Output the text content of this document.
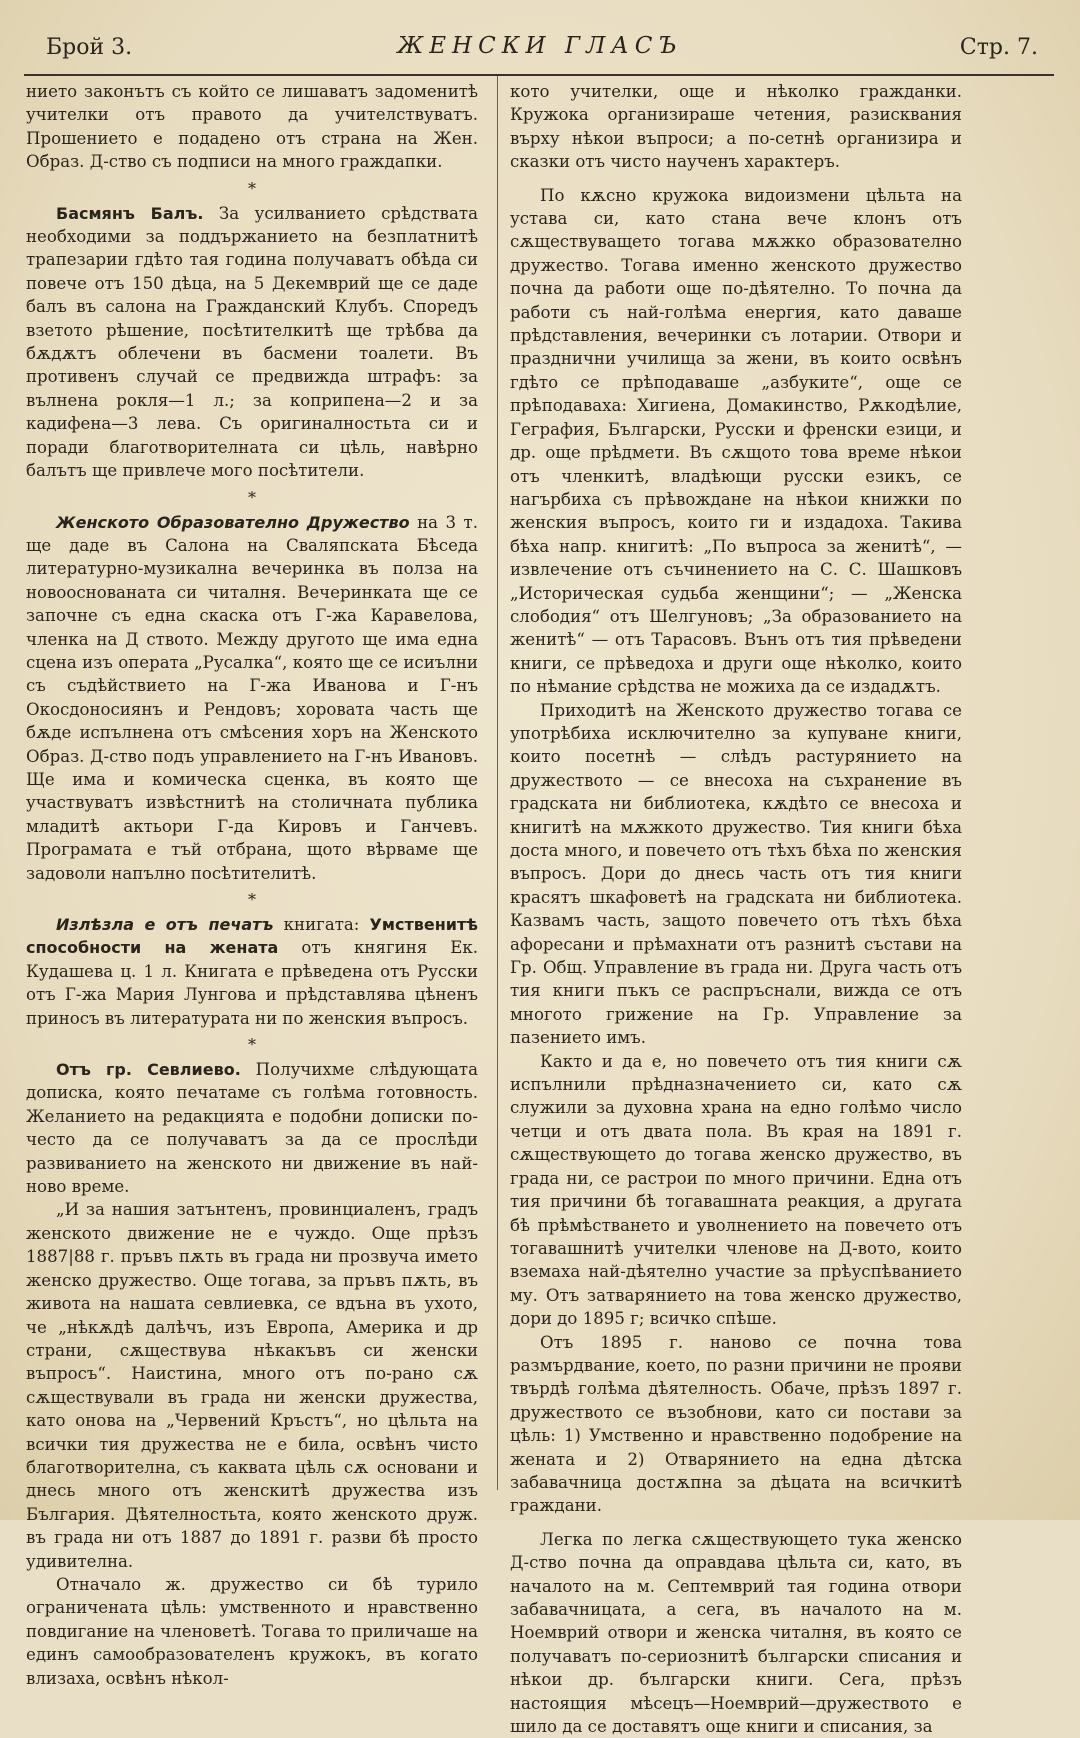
Брой 3.	ЖЕНСКИ ГЛАСЪ	Стр. 7.

нието законътъ съ който се лишаватъ задоменитѣ учителки отъ правото да учителствуватъ. Прошението е подадено отъ страна на Жен. Образ. Д-ство съ подписи на много граждапки.

*

Басмянъ Балъ. За усилванието срѣдствата необходими за поддържанието на безплатнитѣ трапезарии гдѣто тая година получаватъ обѣда си повече отъ 150 дѣца, на 5 Декемврий ще се даде балъ въ салона на Гражданский Клубъ. Споредъ взетото рѣшение, посѣтителкитѣ ще трѣбва да бѫдѫтъ облечени въ басмени тоалети. Въ противенъ случай се предвижда штрафъ: за вълнена рокля—1 л.; за коприпена—2 и за кадифена—3 лева. Съ оригиналностьта си и поради благотворителната си цѣль, навѣрно балътъ ще привлече мого посѣтители.

*

Женското Образователно Дружество на 3 т. ще даде въ Салона на Сваляпската Бѣседа литературно-музикална вечеринка въ полза на новооснованата си читалня. Вечеринката ще се започне съ една скаска отъ Г-жа Каравелова, членка на Д ството. Между другото ще има една сцена изъ операта „Русалка“, която ще се исиълни съ съдѣйствието на Г-жа Иванова и Г-нъ Окосдоносиянъ и Рендовъ; хоровата часть ще бѫде испълнена отъ смѣсения хоръ на Женското Образ. Д-ство подъ управлението на Г-нъ Ивановъ. Ще има и комическа сценка, въ която ще участвуватъ извѣстнитѣ на столичната публика младитѣ актьори Г-да Кировъ и Ганчевъ. Програмата е тъй отбрана, щото вѣрваме ще задоволи напълно посѣтителитѣ.

*

Излѣзла е отъ печатъ книгата: Умственитѣ способности на жената отъ княгиня Ек. Кудашева ц. 1 л. Книгата е прѣведена отъ Русски отъ Г-жа Мария Лунгова и прѣдставлява цѣненъ приносъ въ литературата ни по женския въпросъ.

*

Отъ гр. Севлиево. Получихме слѣдующата дописка, която печатаме съ голѣма готовность. Желанието на редакцията е подобни дописки по-често да се получаватъ за да се прослѣди развиванието на женското ни движение въ най-ново време.

„И за нашия затънтенъ, провинциаленъ, градъ женското движение не е чуждо. Още прѣзъ 1887|88 г. пръвъ пѫть въ града ни прозвуча името женско дружество. Още тогава, за пръвъ пѫть, въ живота на нашата севлиевка, се вдъна въ ухото, че „нѣкѫдѣ далѣчъ, изъ Европа, Америка и др страни, сѫществува нѣкакъвъ си женски въпросъ“. Наистина, много отъ по-рано сѫ сѫществували въ града ни женски дружества, като онова на „Червений Кръстъ“, но цѣльта на всички тия дружества не е била, освѣнъ чисто благотворителна, съ каквата цѣль сѫ основани и днесь много отъ женскитѣ дружества изъ България. Дѣятелностьта, която женското друж. въ града ни отъ 1887 до 1891 г. разви бѣ просто удивителна.

Отначало ж. дружество си бѣ турило ограничената цѣль: умственното и нравственно повдигание на членоветѣ. Тогава то приличаше на единъ самообразователенъ кружокъ, въ когато влизаха, освѣнъ нѣкол-

кото учителки, още и нѣколко гражданки. Кружока организираше четения, разисквания върху нѣкои въпроси; а по-сетнѣ организира и сказки отъ чисто наученъ характеръ.

По кѫсно кружока видоизмени цѣльта на устава си, като стана вече клонъ отъ сѫществуващето тогава мѫжко образователно дружество. Тогава именно женското дружество почна да работи още по-дѣятелно. То почна да работи съ най-голѣма енергия, като даваше прѣдставления, вечеринки съ лотарии. Отвори и празднични училища за жени, въ които освѣнъ гдѣто се прѣподаваше „азбуките“, още се прѣподаваха: Хигиена, Домакинство, Рѫкодѣлие, Геграфия, Български, Русски и френски езици, и др. още прѣдмети. Въ сѫщото това време нѣкои отъ членкитѣ, владѣющи русски езикъ, се нагърбиха съ прѣвождане на нѣкои книжки по женския въпросъ, които ги и издадоха. Такива бѣха напр. книгитѣ: „По въпроса за женитѣ“, — извлечение отъ съчинението на С. С. Шашковъ „Историческая судьба женщини“; — „Женска слободия“ отъ Шелгуновъ; „За образованието на женитѣ“ — отъ Тарасовъ. Вънъ отъ тия прѣведени книги, се прѣведоха и други още нѣколко, които по нѣмание срѣдства не можиха да се издадѫтъ.

Приходитѣ на Женското дружество тогава се употрѣбиха исключително за купуване книги, които посетнѣ — слѣдъ растурянието на дружеството — се внесоха на съхранение въ градската ни библиотека, кѫдѣто се внесоха и книгитѣ на мѫжкото дружество. Тия книги бѣха доста много, и повечето отъ тѣхъ бѣха по женския въпросъ. Дори до днесь часть отъ тия книги красятъ шкафоветѣ на градската ни библиотека. Казвамъ часть, защото повечето отъ тѣхъ бѣха афоресани и прѣмахнати отъ разнитѣ състави на Гр. Общ. Управление въ града ни. Друга часть отъ тия книги пъкъ се распръснали, вижда се отъ многото грижение на Гр. Управление за пазението имъ.

Както и да е, но повечето отъ тия книги сѫ испълнили прѣдназначението си, като сѫ служили за духовна храна на едно голѣмо число четци и отъ двата пола. Въ края на 1891 г. сѫществующето до тогава женско дружество, въ града ни, се растрои по много причини. Една отъ тия причини бѣ тогавашната реакция, а другата бѣ прѣмѣстването и уволнението на повечето отъ тогавашнитѣ учителки членове на Д-вото, които вземаха най-дѣятелно участие за прѣуспѣванието му. Отъ затварянието на това женско дружество, дори до 1895 г; всичко спѣше.

Отъ 1895 г. наново се почна това размърдвание, което, по разни причини не прояви твърдѣ голѣма дѣятелность. Обаче, прѣзъ 1897 г. дружеството се възобнови, като си постави за цѣль: 1) Умственно и нравственно подобрение на жената и 2) Отварянието на една дѣтска забавачница достѫпна за дѣцата на всичкитѣ граждани.

Легка по легка сѫществующето тука женско Д-ство почна да оправдава цѣльта си, като, въ началото на м. Септемврий тая година отвори забавачницата, а сега, въ началото на м. Ноемврий отвори и женска читалня, въ която се получаватъ по-сериознитѣ български списания и нѣкои др. български книги. Сега, прѣзъ настоящия мѣсецъ—Ноемврий—дружеството е шило да се доставятъ още книги и списания, за
